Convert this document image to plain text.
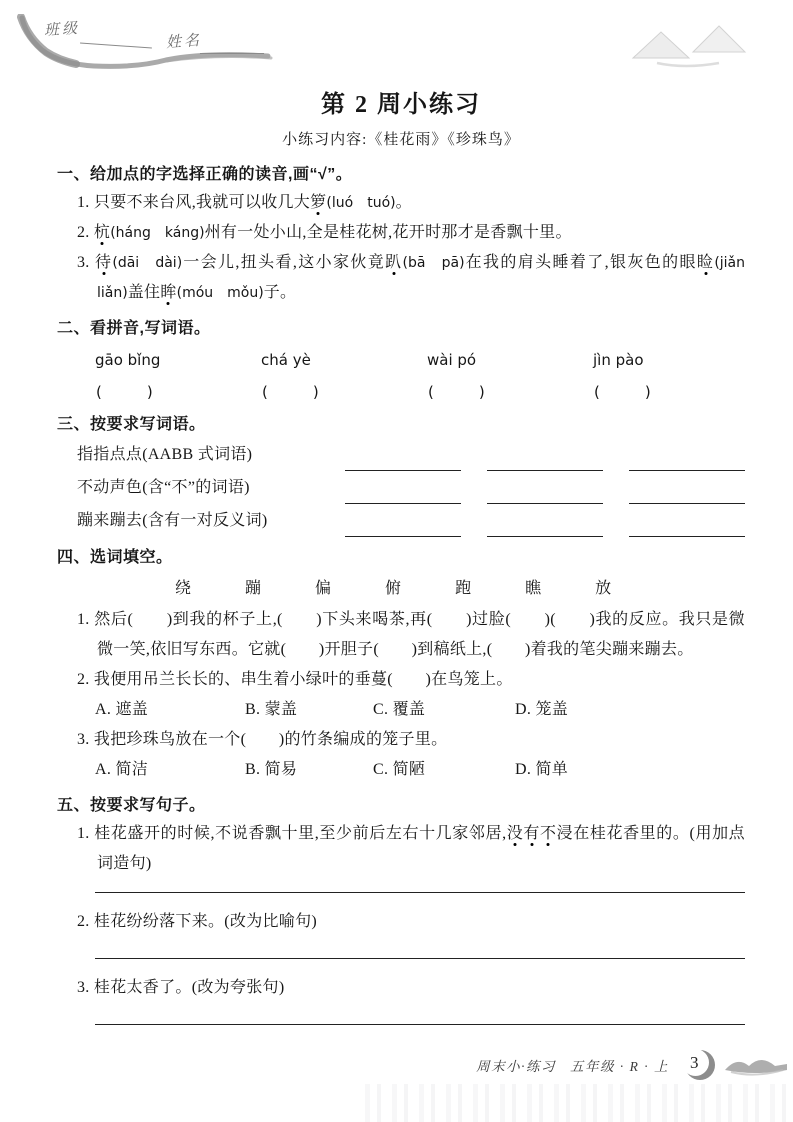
班级
姓名
第 2 周小练习
小练习内容:《桂花雨》《珍珠鸟》
一、给加点的字选择正确的读音,画“√”。
1. 只要不来台风,我就可以收几大箩(luó　tuó)。
2. 杭(háng　káng)州有一处小山,全是桂花树,花开时那才是香飘十里。
3. 待(dāi　dài)一会儿,扭头看,这小家伙竟趴(bā　pā)在我的肩头睡着了,银灰色的眼睑(jiǎn　liǎn)盖住眸(móu　mǒu)子。
二、看拼音,写词语。
gāo bǐng	chá yè	wài pó	jìn pào
(　　　)	(　　　)	(　　　)	(　　　)
三、按要求写词语。
指指点点(AABB 式词语)
不动声色(含“不”的词语)
蹦来蹦去(含有一对反义词)
四、选词填空。
绕	蹦	偏	俯	跑	瞧	放
1. 然后(　　)到我的杯子上,(　　)下头来喝茶,再(　　)过脸(　　)(　　)我的反应。我只是微微一笑,依旧写东西。它就(　　)开胆子(　　)到稿纸上,(　　)着我的笔尖蹦来蹦去。
2. 我便用吊兰长长的、串生着小绿叶的垂蔓(　　)在鸟笼上。
A. 遮盖	B. 蒙盖	C. 覆盖	D. 笼盖
3. 我把珍珠鸟放在一个(　　)的竹条编成的笼子里。
A. 简洁	B. 简易	C. 简陋	D. 简单
五、按要求写句子。
1. 桂花盛开的时候,不说香飘十里,至少前后左右十几家邻居,没有不浸在桂花香里的。(用加点词造句)
2. 桂花纷纷落下来。(改为比喻句)
3. 桂花太香了。(改为夸张句)
周末小·练习 五年级 · R · 上 3
